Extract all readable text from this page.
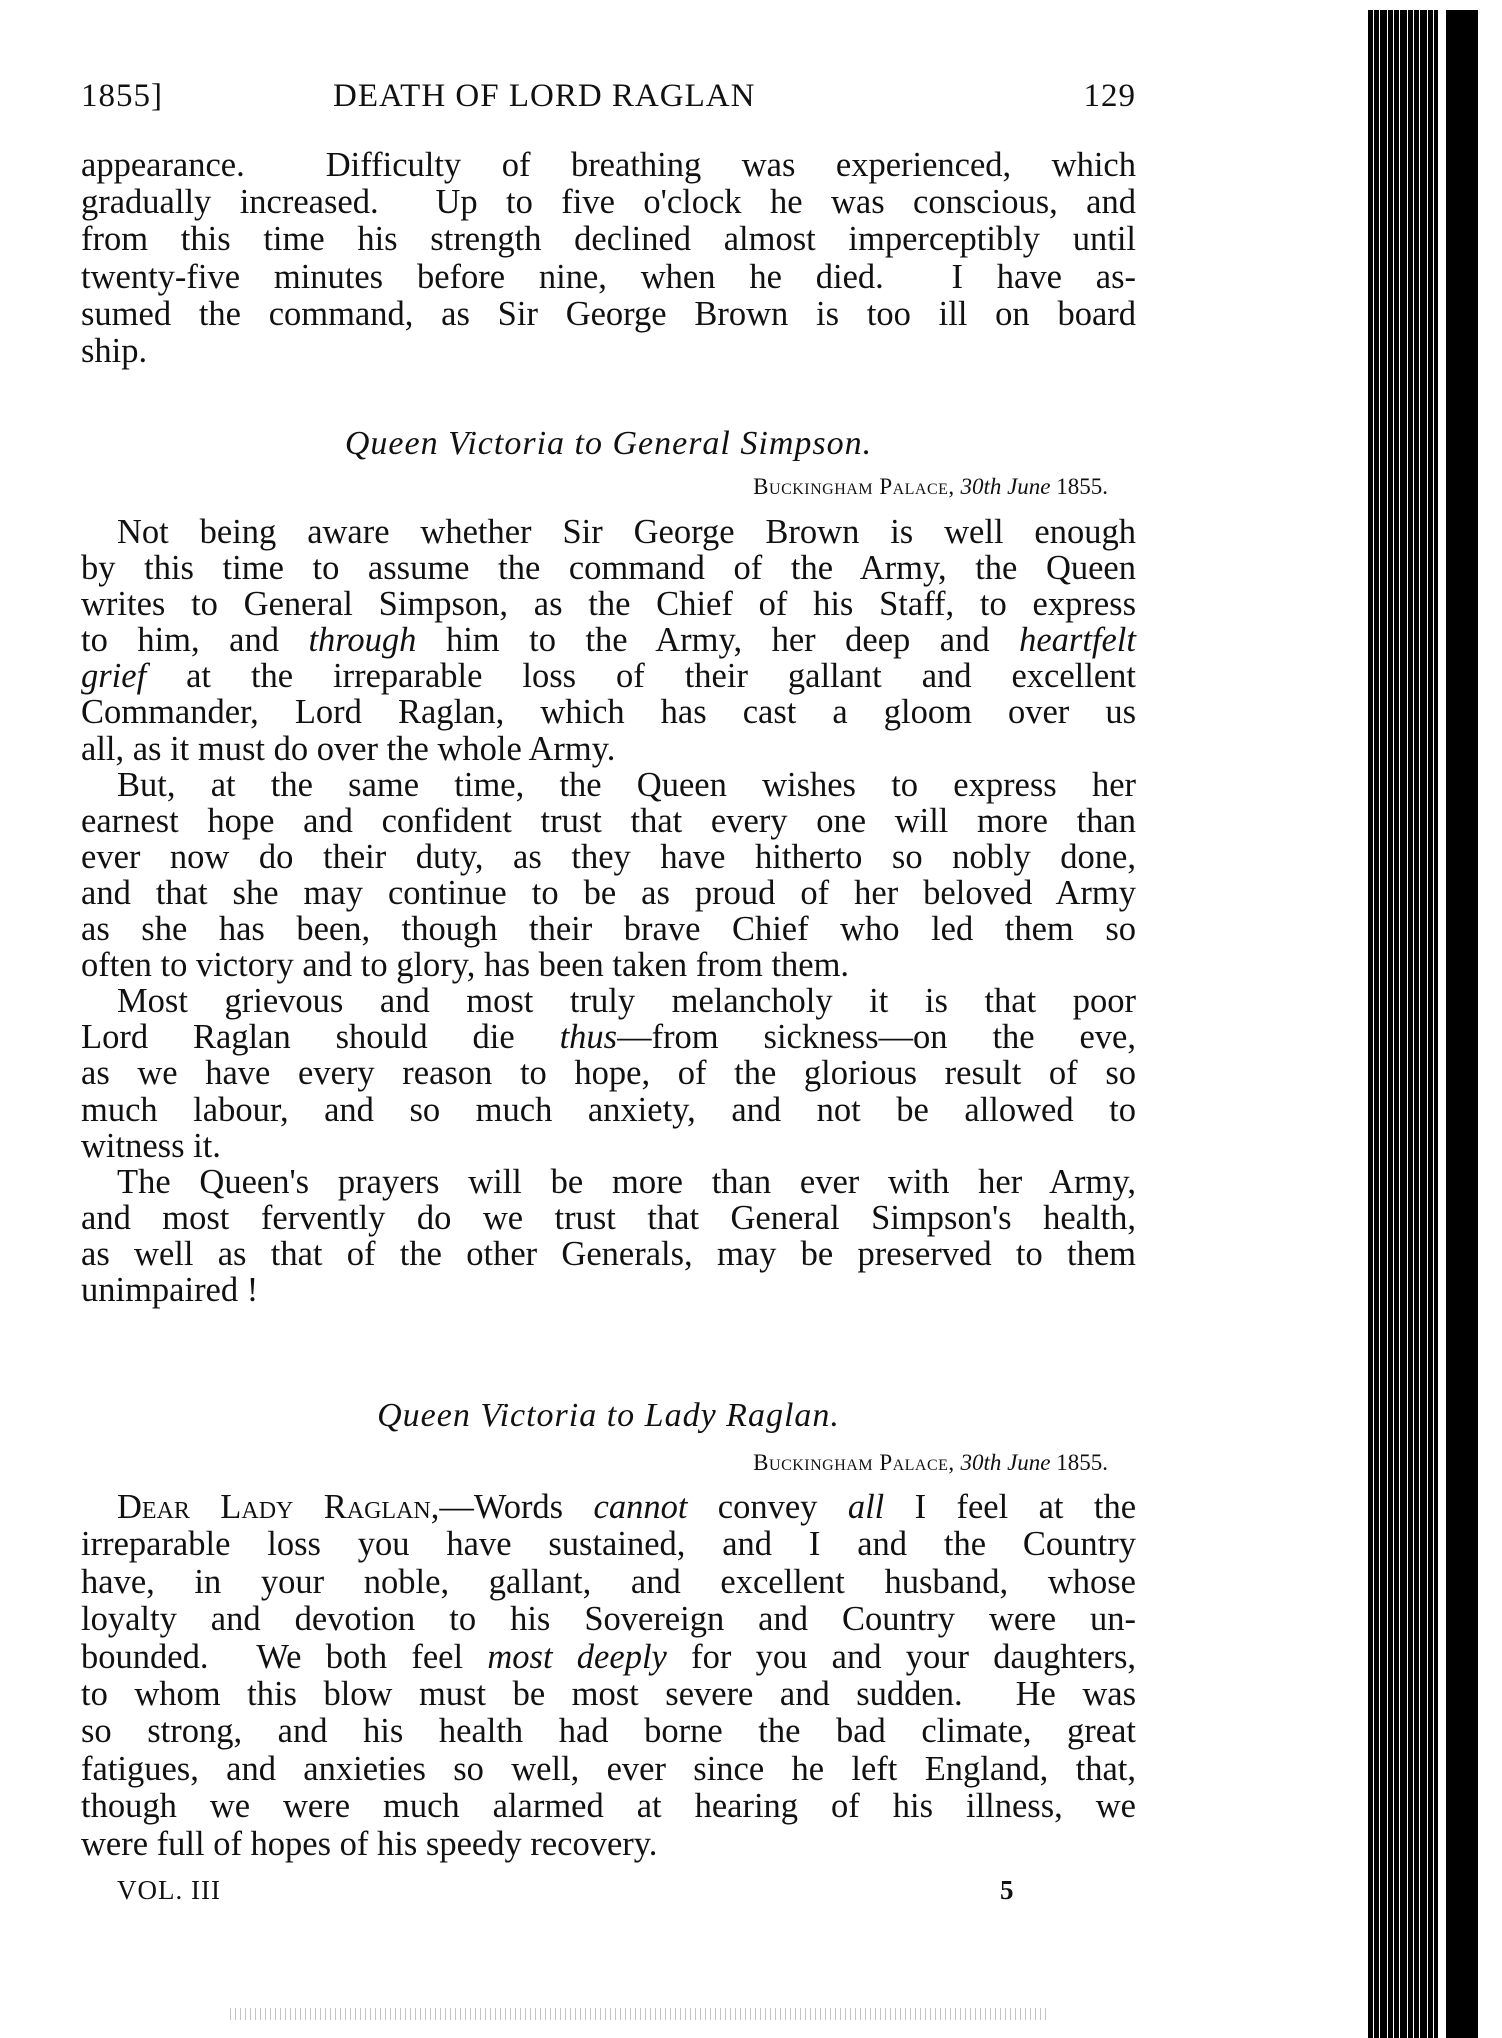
1855]	DEATH OF LORD RAGLAN	129
appearance.  Difficulty of breathing was experienced, which
gradually increased.  Up to five o'clock he was conscious, and
from this time his strength declined almost imperceptibly until
twenty-five minutes before nine, when he died.  I have as-
sumed the command, as Sir George Brown is too ill on board
ship.
Queen Victoria to General Simpson.
Buckingham Palace, 30th June 1855.
Not being aware whether Sir George Brown is well enough
by this time to assume the command of the Army, the Queen
writes to General Simpson, as the Chief of his Staff, to express
to him, and through him to the Army, her deep and heartfelt
grief at the irreparable loss of their gallant and excellent
Commander, Lord Raglan, which has cast a gloom over us
all, as it must do over the whole Army.
But, at the same time, the Queen wishes to express her
earnest hope and confident trust that every one will more than
ever now do their duty, as they have hitherto so nobly done,
and that she may continue to be as proud of her beloved Army
as she has been, though their brave Chief who led them so
often to victory and to glory, has been taken from them.
Most grievous and most truly melancholy it is that poor
Lord Raglan should die thus—from sickness—on the eve,
as we have every reason to hope, of the glorious result of so
much labour, and so much anxiety, and not be allowed to
witness it.
The Queen's prayers will be more than ever with her Army,
and most fervently do we trust that General Simpson's health,
as well as that of the other Generals, may be preserved to them
unimpaired !
Queen Victoria to Lady Raglan.
Buckingham Palace, 30th June 1855.
Dear Lady Raglan,—Words cannot convey all I feel at the
irreparable loss you have sustained, and I and the Country
have, in your noble, gallant, and excellent husband, whose
loyalty and devotion to his Sovereign and Country were un-
bounded.  We both feel most deeply for you and your daughters,
to whom this blow must be most severe and sudden.  He was
so strong, and his health had borne the bad climate, great
fatigues, and anxieties so well, ever since he left England, that,
though we were much alarmed at hearing of his illness, we
were full of hopes of his speedy recovery.
VOL. III	5
